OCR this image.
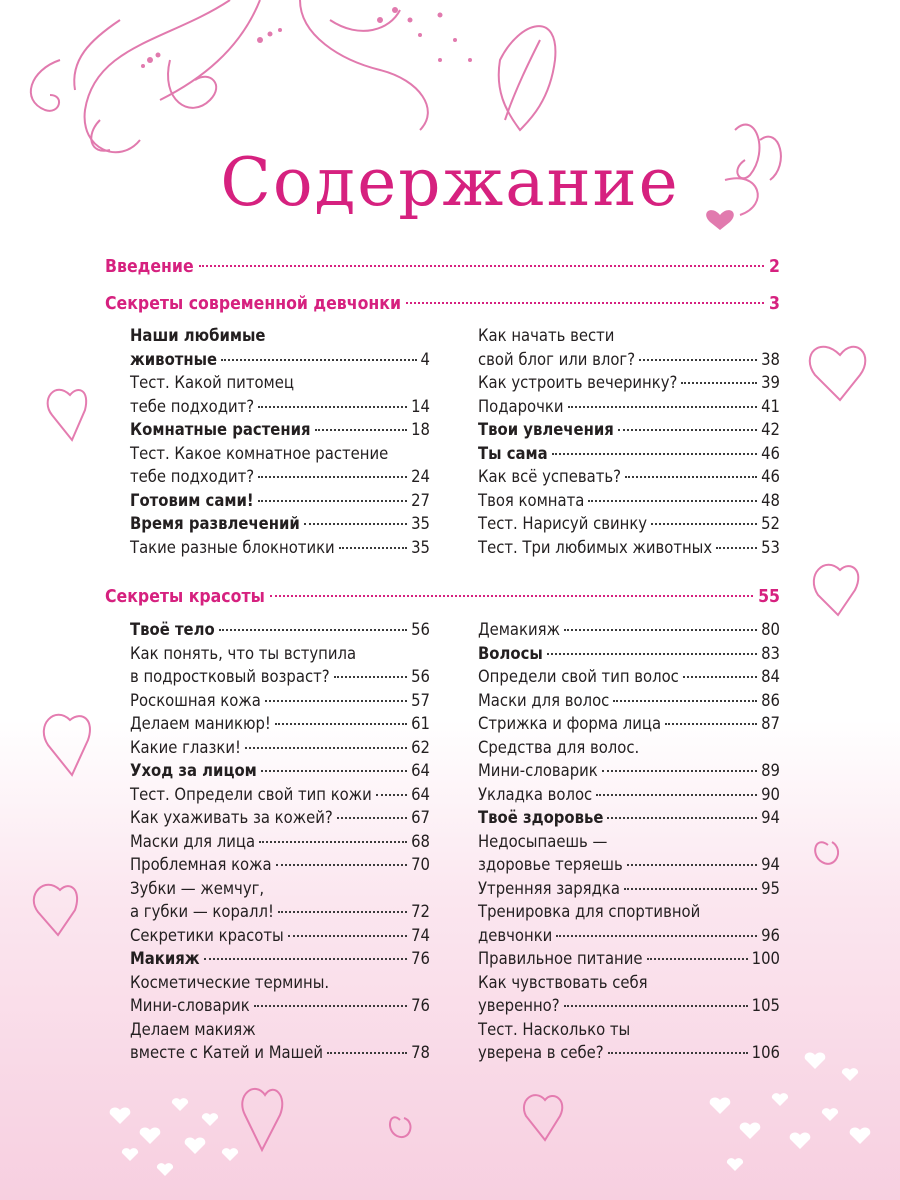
Содержание
Введение	2
Секреты современной девчонки	3
Наши любимые
животные	4
Тест. Какой питомец
тебе подходит?	14
Комнатные растения	18
Тест. Какое комнатное растение
тебе подходит?	24
Готовим сами!	27
Время развлечений	35
Такие разные блокнотики	35
Как начать вести
свой блог или влог?	38
Как устроить вечеринку?	39
Подарочки	41
Твои увлечения	42
Ты сама	46
Как всё успевать?	46
Твоя комната	48
Тест. Нарисуй свинку	52
Тест. Три любимых животных	53
Секреты красоты	55
Твоё тело	56
Как понять, что ты вступила
в подростковый возраст?	56
Роскошная кожа	57
Делаем маникюр!	61
Какие глазки!	62
Уход за лицом	64
Тест. Определи свой тип кожи 64
Как ухаживать за кожей?	67
Маски для лица	68
Проблемная кожа	70
Зубки — жемчуг,
а губки — коралл!	72
Секретики красоты	74
Макияж	76
Косметические термины.
Мини-словарик	76
Делаем макияж
вместе с Катей и Машей	78
Демакияж	80
Волосы	83
Определи свой тип волос	84
Маски для волос	86
Стрижка и форма лица	87
Средства для волос.
Мини-словарик	89
Укладка волос	90
Твоё здоровье	94
Недосыпаешь —
здоровье теряешь	94
Утренняя зарядка	95
Тренировка для спортивной
девчонки	96
Правильное питание	100
Как чувствовать себя
уверенно?	105
Тест. Насколько ты
уверена в себе?	106
